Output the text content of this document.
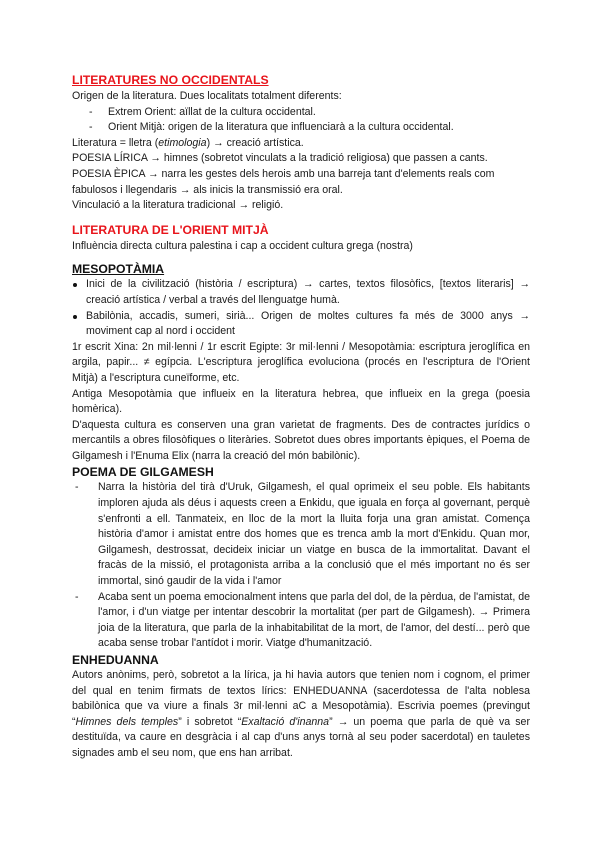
LITERATURES NO OCCIDENTALS

Origen de la literatura. Dues localitats totalment diferents:

- Extrem Orient: aïllat de la cultura occidental.
- Orient Mitjà: origen de la literatura que influenciarà a la cultura occidental.

Literatura = lletra (etimologia) → creació artística.

POESIA LÍRICA → himnes (sobretot vinculats a la tradició religiosa) que passen a cants.

POESIA ÈPICA → narra les gestes dels herois amb una barreja tant d'elements reals com fabulosos i llegendaris → als inicis la transmissió era oral.

Vinculació a la literatura tradicional → religió.

LITERATURA DE L'ORIENT MITJÀ

Influència directa cultura palestina i cap a occident cultura grega (nostra)

MESOPOTÀMIA

Inici de la civilització (història / escriptura) → cartes, textos filosòfics, [textos literaris] → creació artística / verbal a través del llenguatge humà.
Babilònia, accadis, sumeri, sirià... Origen de moltes cultures fa més de 3000 anys → moviment cap al nord i occident

1r escrit Xina: 2n mil·lenni / 1r escrit Egipte: 3r mil·lenni / Mesopotàmia: escriptura jeroglífica en argila, papir... ≠ egípcia. L'escriptura jeroglífica evoluciona (procés en l'escriptura de l'Orient Mitjà) a l'escriptura cuneïforme, etc.

Antiga Mesopotàmia que influeix en la literatura hebrea, que influeix en la grega (poesia homèrica).

D'aquesta cultura es conserven una gran varietat de fragments. Des de contractes jurídics o mercantils a obres filosòfiques o literàries. Sobretot dues obres importants èpiques, el Poema de Gilgamesh i l'Enuma Elix (narra la creació del món babilònic).

POEMA DE GILGAMESH

- Narra la història del tirà d'Uruk, Gilgamesh, el qual oprimeix el seu poble. Els habitants imploren ajuda als déus i aquests creen a Enkidu, que iguala en força al governant, perquè s'enfronti a ell. Tanmateix, en lloc de la mort la lluita forja una gran amistat. Comença història d'amor i amistat entre dos homes que es trenca amb la mort d'Enkidu. Quan mor, Gilgamesh, destrossat, decideix iniciar un viatge en busca de la immortalitat. Davant el fracàs de la missió, el protagonista arriba a la conclusió que el més important no és ser immortal, sinó gaudir de la vida i l'amor
- Acaba sent un poema emocionalment intens que parla del dol, de la pèrdua, de l'amistat, de l'amor, i d'un viatge per intentar descobrir la mortalitat (per part de Gilgamesh). → Primera joia de la literatura, que parla de la inhabitabilitat de la mort, de l'amor, del destí... però que acaba sense trobar l'antídot i morir. Viatge d'humanització.

ENHEDUANNA

Autors anònims, però, sobretot a la lírica, ja hi havia autors que tenien nom i cognom, el primer del qual en tenim firmats de textos lírics: ENHEDUANNA (sacerdotessa de l'alta noblesa babilònica que va viure a finals 3r mil·lenni aC a Mesopotàmia). Escrivia poemes (previngut “Himnes dels temples” i sobretot “Exaltació d'inanna” → un poema que parla de què va ser destituïda, va caure en desgràcia i al cap d'uns anys tornà al seu poder sacerdotal) en tauletes signades amb el seu nom, que ens han arribat.
